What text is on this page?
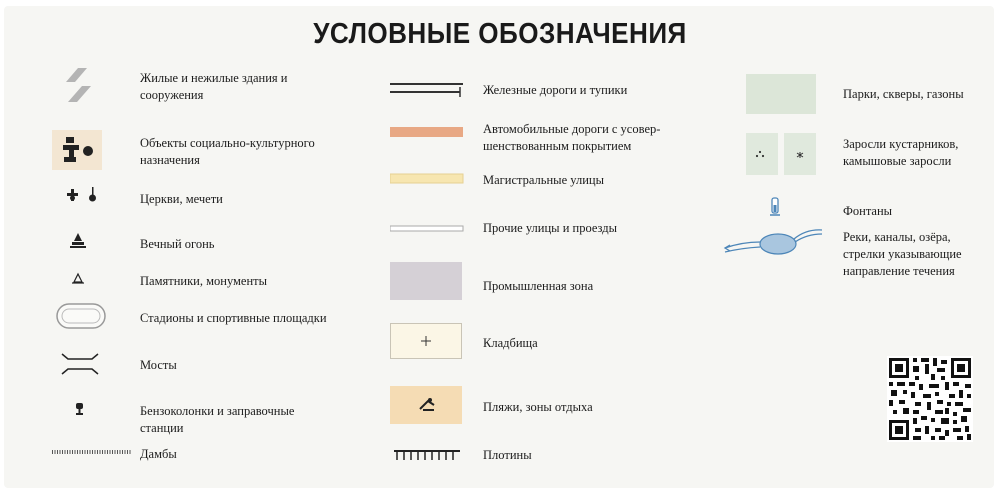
УСЛОВНЫЕ ОБОЗНАЧЕНИЯ
Жилые и нежилые здания и сооружения
Объекты социально-культурного назначения
Церкви, мечети
Вечный огонь
Памятники, монументы
Стадионы и спортивные площадки
Мосты
Бензоколонки и заправочные станции
Дамбы
Железные дороги и тупики
Автомобильные дороги с усовер-шенствованным покрытием
Магистральные улицы
Прочие улицы и проезды
Промышленная зона
Кладбища
Пляжи, зоны отдыха
Плотины
Парки, скверы, газоны
Заросли кустарников, камышовые заросли
Фонтаны
Реки, каналы, озёра, стрелки указывающие направление течения
